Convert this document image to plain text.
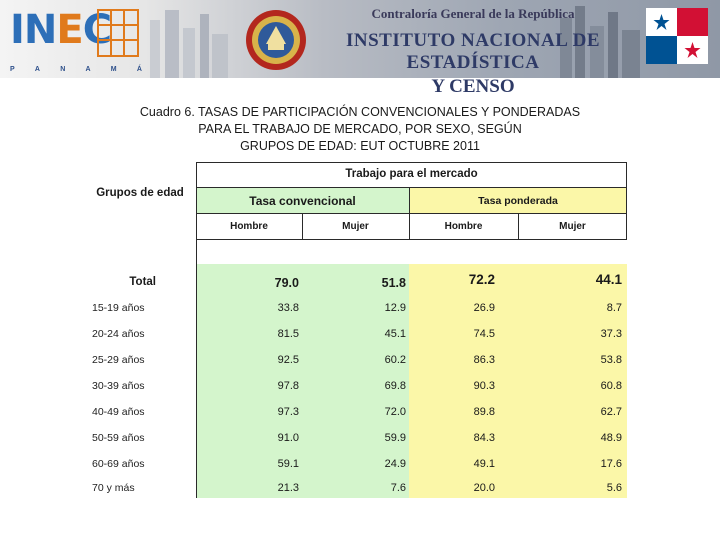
INEC
P	A	N	A	M	Á
Contraloría General de la República
INSTITUTO NACIONAL DE ESTADÍSTICA
Y CENSO
Cuadro 6. TASAS DE PARTICIPACIÓN CONVENCIONALES Y PONDERADAS
PARA EL TRABAJO DE MERCADO, POR SEXO, SEGÚN
GRUPOS DE EDAD: EUT OCTUBRE 2011
Grupos de edad
Trabajo para el mercado
Tasa convencional	Tasa ponderada
Hombre	Mujer	Hombre	Mujer
Total	79.0	51.8	72.2	44.1
15-19 años	33.8	12.9	26.9	8.7
20-24 años	81.5	45.1	74.5	37.3
25-29 años	92.5	60.2	86.3	53.8
30-39 años	97.8	69.8	90.3	60.8
40-49 años	97.3	72.0	89.8	62.7
50-59 años	91.0	59.9	84.3	48.9
60-69 años	59.1	24.9	49.1	17.6
70 y más	21.3	7.6	20.0	5.6
